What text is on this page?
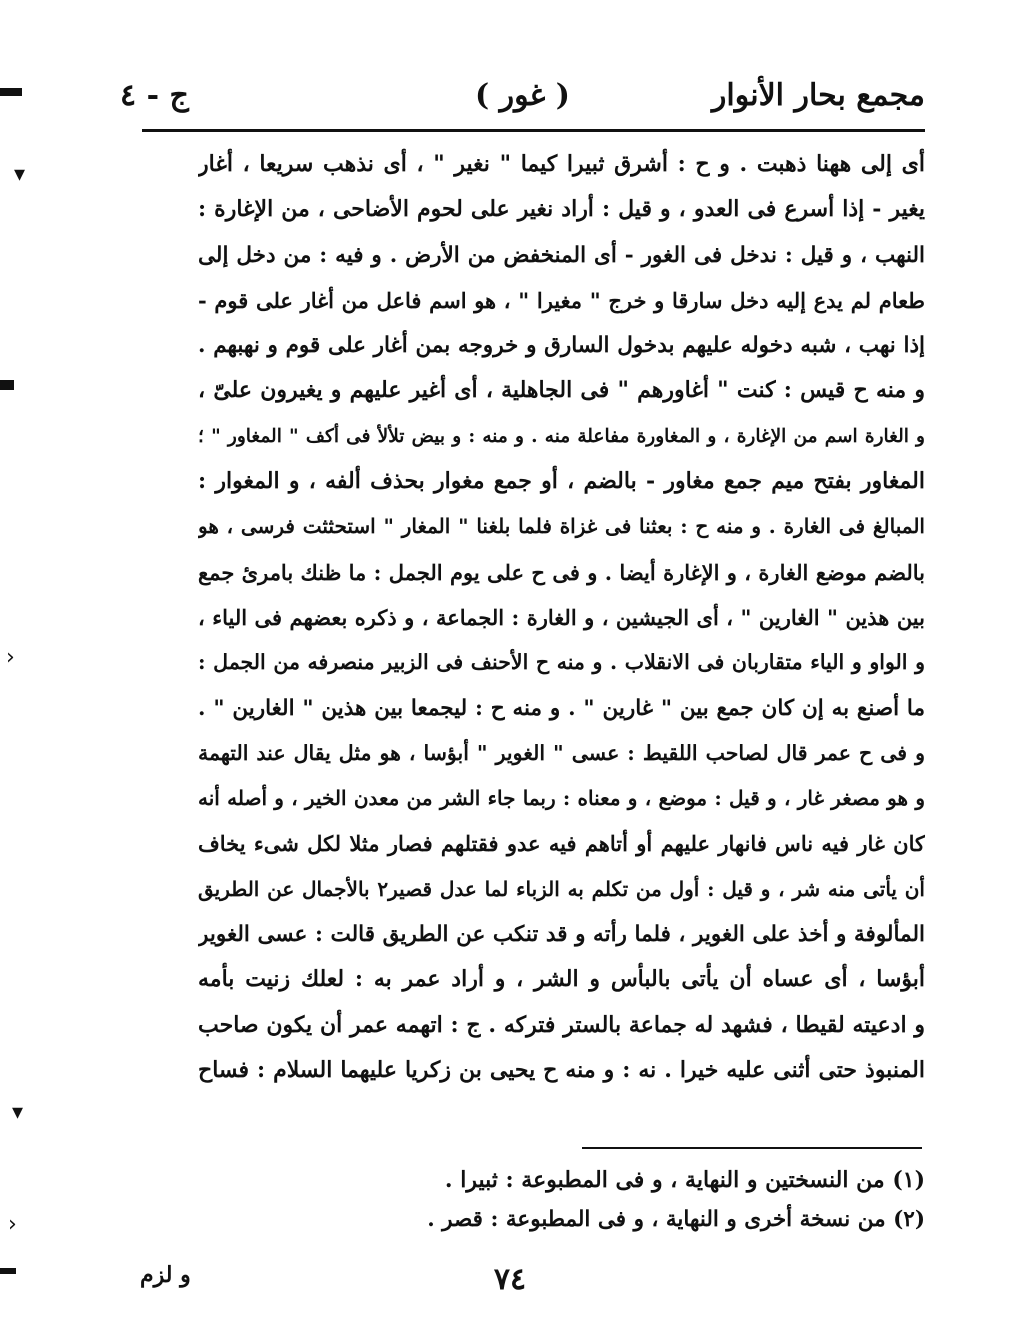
مجمع بحار الأنوار
( غور )
ج - ٤
أى إلى ههنا ذهبت . و ح : أشرق ثبيرا كيما " نغير " ، أى نذهب سريعا ، أغار
يغير - إذا أسرع فى العدو ، و قيل : أراد نغير على لحوم الأضاحى ، من الإغارة :
النهب ، و قيل : ندخل فى الغور - أى المنخفض من الأرض . و فيه : من دخل إلى
طعام لم يدع إليه دخل سارقا و خرج " مغيرا " ، هو اسم فاعل من أغار على قوم -
إذا نهب ، شبه دخوله عليهم بدخول السارق و خروجه بمن أغار على قوم و نهبهم .
و منه ح قيس : كنت " أغاورهم " فى الجاهلية ، أى أغير عليهم و يغيرون علىّ ،
و الغارة اسم من الإغارة ، و المغاورة مفاعلة منه . و منه : و بيض تلألأ فى أكف " المغاور " ؛
المغاور بفتح ميم جمع مغاور - بالضم ، أو جمع مغوار بحذف ألفه ، و المغوار :
المبالغ فى الغارة . و منه ح : بعثنا فى غزاة فلما بلغنا " المغار " استحثثت فرسى ، هو
بالضم موضع الغارة ، و الإغارة أيضا . و فى ح على يوم الجمل : ما ظنك بامرئ جمع
بين هذين " الغارين " ، أى الجيشين ، و الغارة : الجماعة ، و ذكره بعضهم فى الياء ،
و الواو و الياء متقاربان فى الانقلاب . و منه ح الأحنف فى الزبير منصرفه من الجمل :
ما أصنع به إن كان جمع بين " غارين " . و منه ح : ليجمعا بين هذين " الغارين " .
و فى ح عمر قال لصاحب اللقيط : عسى " الغوير " أبؤسا ، هو مثل يقال عند التهمة
و هو مصغر غار ، و قيل : موضع ، و معناه : ربما جاء الشر من معدن الخير ، و أصله أنه
كان غار فيه ناس فانهار عليهم أو أتاهم فيه عدو فقتلهم فصار مثلا لكل شىء يخاف
أن يأتى منه شر ، و قيل : أول من تكلم به الزباء لما عدل قصير٢ بالأجمال عن الطريق
المألوفة و أخذ على الغوير ، فلما رأته و قد تنكب عن الطريق قالت : عسى الغوير
أبؤسا ، أى عساه أن يأتى بالبأس و الشر ، و أراد عمر به : لعلك زنيت بأمه
و ادعيته لقيطا ، فشهد له جماعة بالستر فتركه . ج : اتهمه عمر أن يكون صاحب
المنبوذ حتى أثنى عليه خيرا . نه : و منه ح يحيى بن زكريا عليهما السلام : فساح
(١) من النسختين و النهاية ، و فى المطبوعة : ثبيرا .
(٢) من نسخة أخرى و النهاية ، و فى المطبوعة : قصر .
٧٤
و لزم
▾
›
▾
›
